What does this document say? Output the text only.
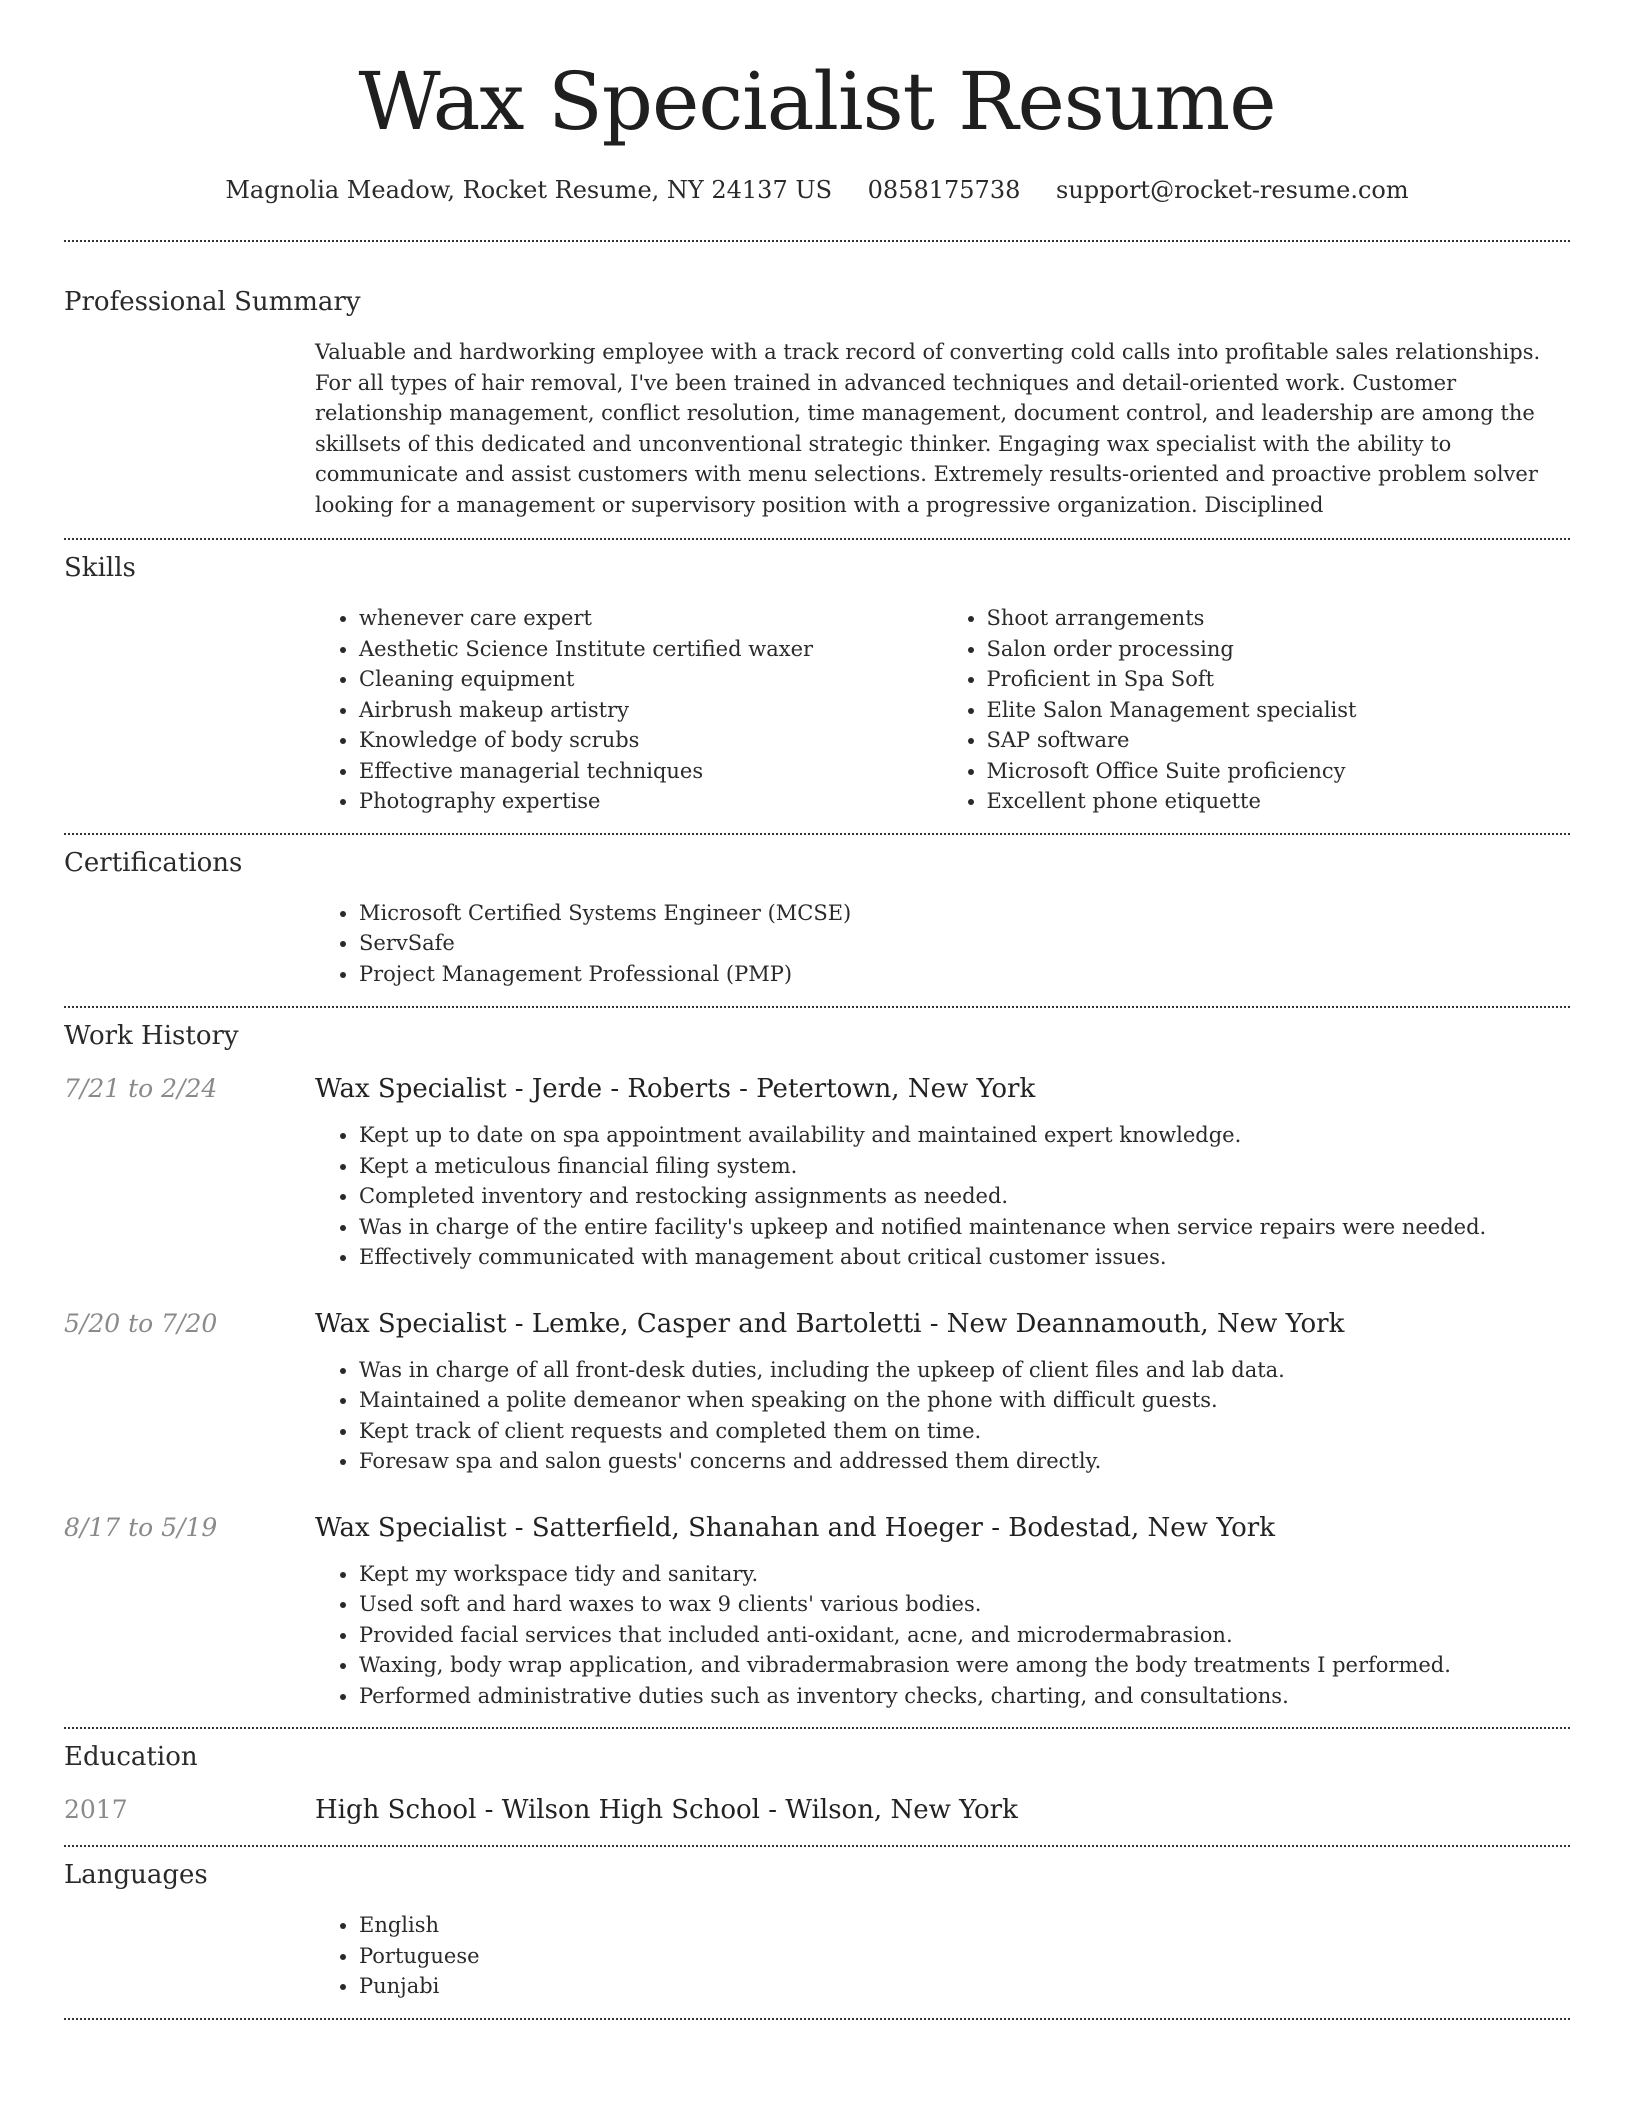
Wax Specialist Resume
Magnolia Meadow, Rocket Resume, NY 24137 US 0858175738 support@rocket-resume.com
Professional Summary
Valuable and hardworking employee with a track record of converting cold calls into profitable sales relationships. For all types of hair removal, I've been trained in advanced techniques and detail-oriented work. Customer relationship management, conflict resolution, time management, document control, and leadership are among the skillsets of this dedicated and unconventional strategic thinker. Engaging wax specialist with the ability to communicate and assist customers with menu selections. Extremely results-oriented and proactive problem solver looking for a management or supervisory position with a progressive organization. Disciplined
Skills
• whenever care expert
• Aesthetic Science Institute certified waxer
• Cleaning equipment
• Airbrush makeup artistry
• Knowledge of body scrubs
• Effective managerial techniques
• Photography expertise
• Shoot arrangements
• Salon order processing
• Proficient in Spa Soft
• Elite Salon Management specialist
• SAP software
• Microsoft Office Suite proficiency
• Excellent phone etiquette
Certifications
• Microsoft Certified Systems Engineer (MCSE)
• ServSafe
• Project Management Professional (PMP)
Work History
7/21 to 2/24	Wax Specialist - Jerde - Roberts - Petertown, New York
• Kept up to date on spa appointment availability and maintained expert knowledge.
• Kept a meticulous financial filing system.
• Completed inventory and restocking assignments as needed.
• Was in charge of the entire facility's upkeep and notified maintenance when service repairs were needed.
• Effectively communicated with management about critical customer issues.
5/20 to 7/20	Wax Specialist - Lemke, Casper and Bartoletti - New Deannamouth, New York
• Was in charge of all front-desk duties, including the upkeep of client files and lab data.
• Maintained a polite demeanor when speaking on the phone with difficult guests.
• Kept track of client requests and completed them on time.
• Foresaw spa and salon guests' concerns and addressed them directly.
8/17 to 5/19	Wax Specialist - Satterfield, Shanahan and Hoeger - Bodestad, New York
• Kept my workspace tidy and sanitary.
• Used soft and hard waxes to wax 9 clients' various bodies.
• Provided facial services that included anti-oxidant, acne, and microdermabrasion.
• Waxing, body wrap application, and vibradermabrasion were among the body treatments I performed.
• Performed administrative duties such as inventory checks, charting, and consultations.
Education
2017	High School - Wilson High School - Wilson, New York
Languages
• English
• Portuguese
• Punjabi
